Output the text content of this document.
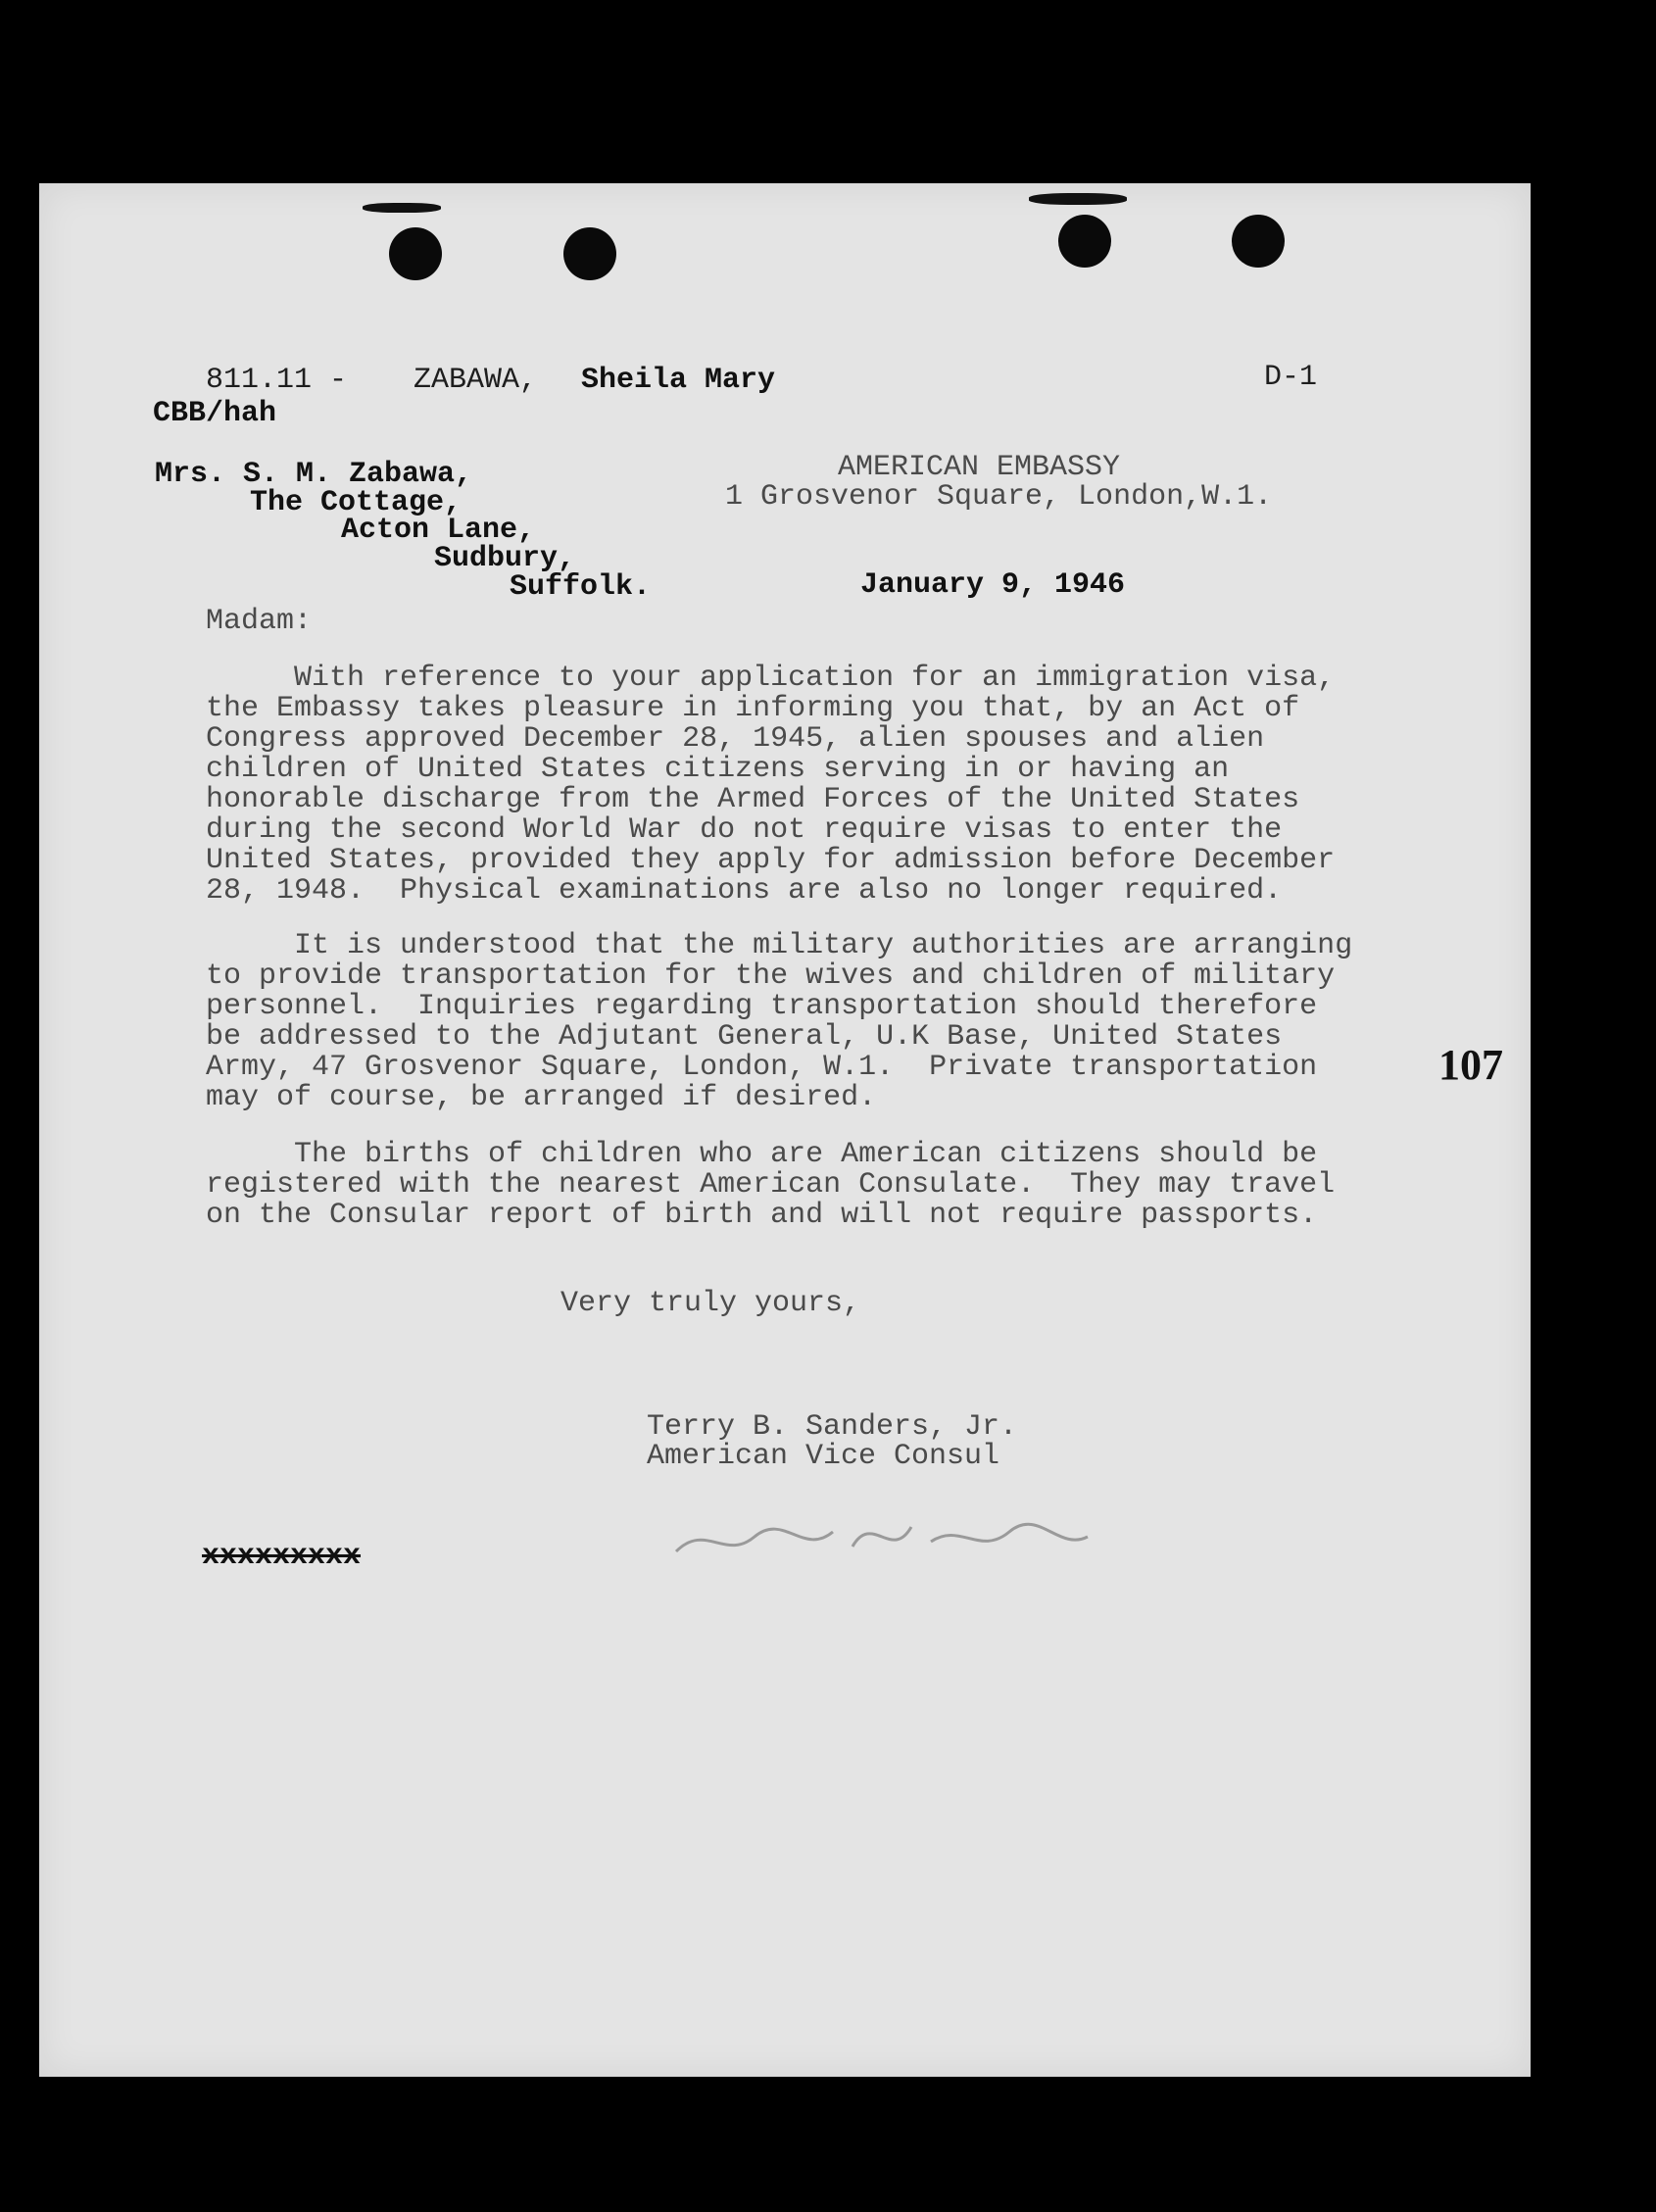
811.11 - ZABAWA, Sheila Mary	D-1

CBB/hah

Mrs. S. M. Zabawa,

The Cottage,

Acton Lane,

Sudbury,

Suffolk.

AMERICAN EMBASSY

1 Grosvenor Square, London,W.1.

January 9, 1946

Madam:

With reference to your application for an immigration visa,

the Embassy takes pleasure in informing you that, by an Act of

Congress approved December 28, 1945, alien spouses and alien

children of United States citizens serving in or having an

honorable discharge from the Armed Forces of the United States

during the second World War do not require visas to enter the

United States, provided they apply for admission before December

28, 1948.  Physical examinations are also no longer required.

107

It is understood that the military authorities are arranging

to provide transportation for the wives and children of military

personnel.  Inquiries regarding transportation should therefore

be addressed to the Adjutant General, U.K Base, United States

Army, 47 Grosvenor Square, London, W.1.  Private transportation

may of course, be arranged if desired.

The births of children who are American citizens should be

registered with the nearest American Consulate.  They may travel

on the Consular report of birth and will not require passports.

Very truly yours,

Terry B. Sanders, Jr.

American Vice Consul

xxxxxxxxx
